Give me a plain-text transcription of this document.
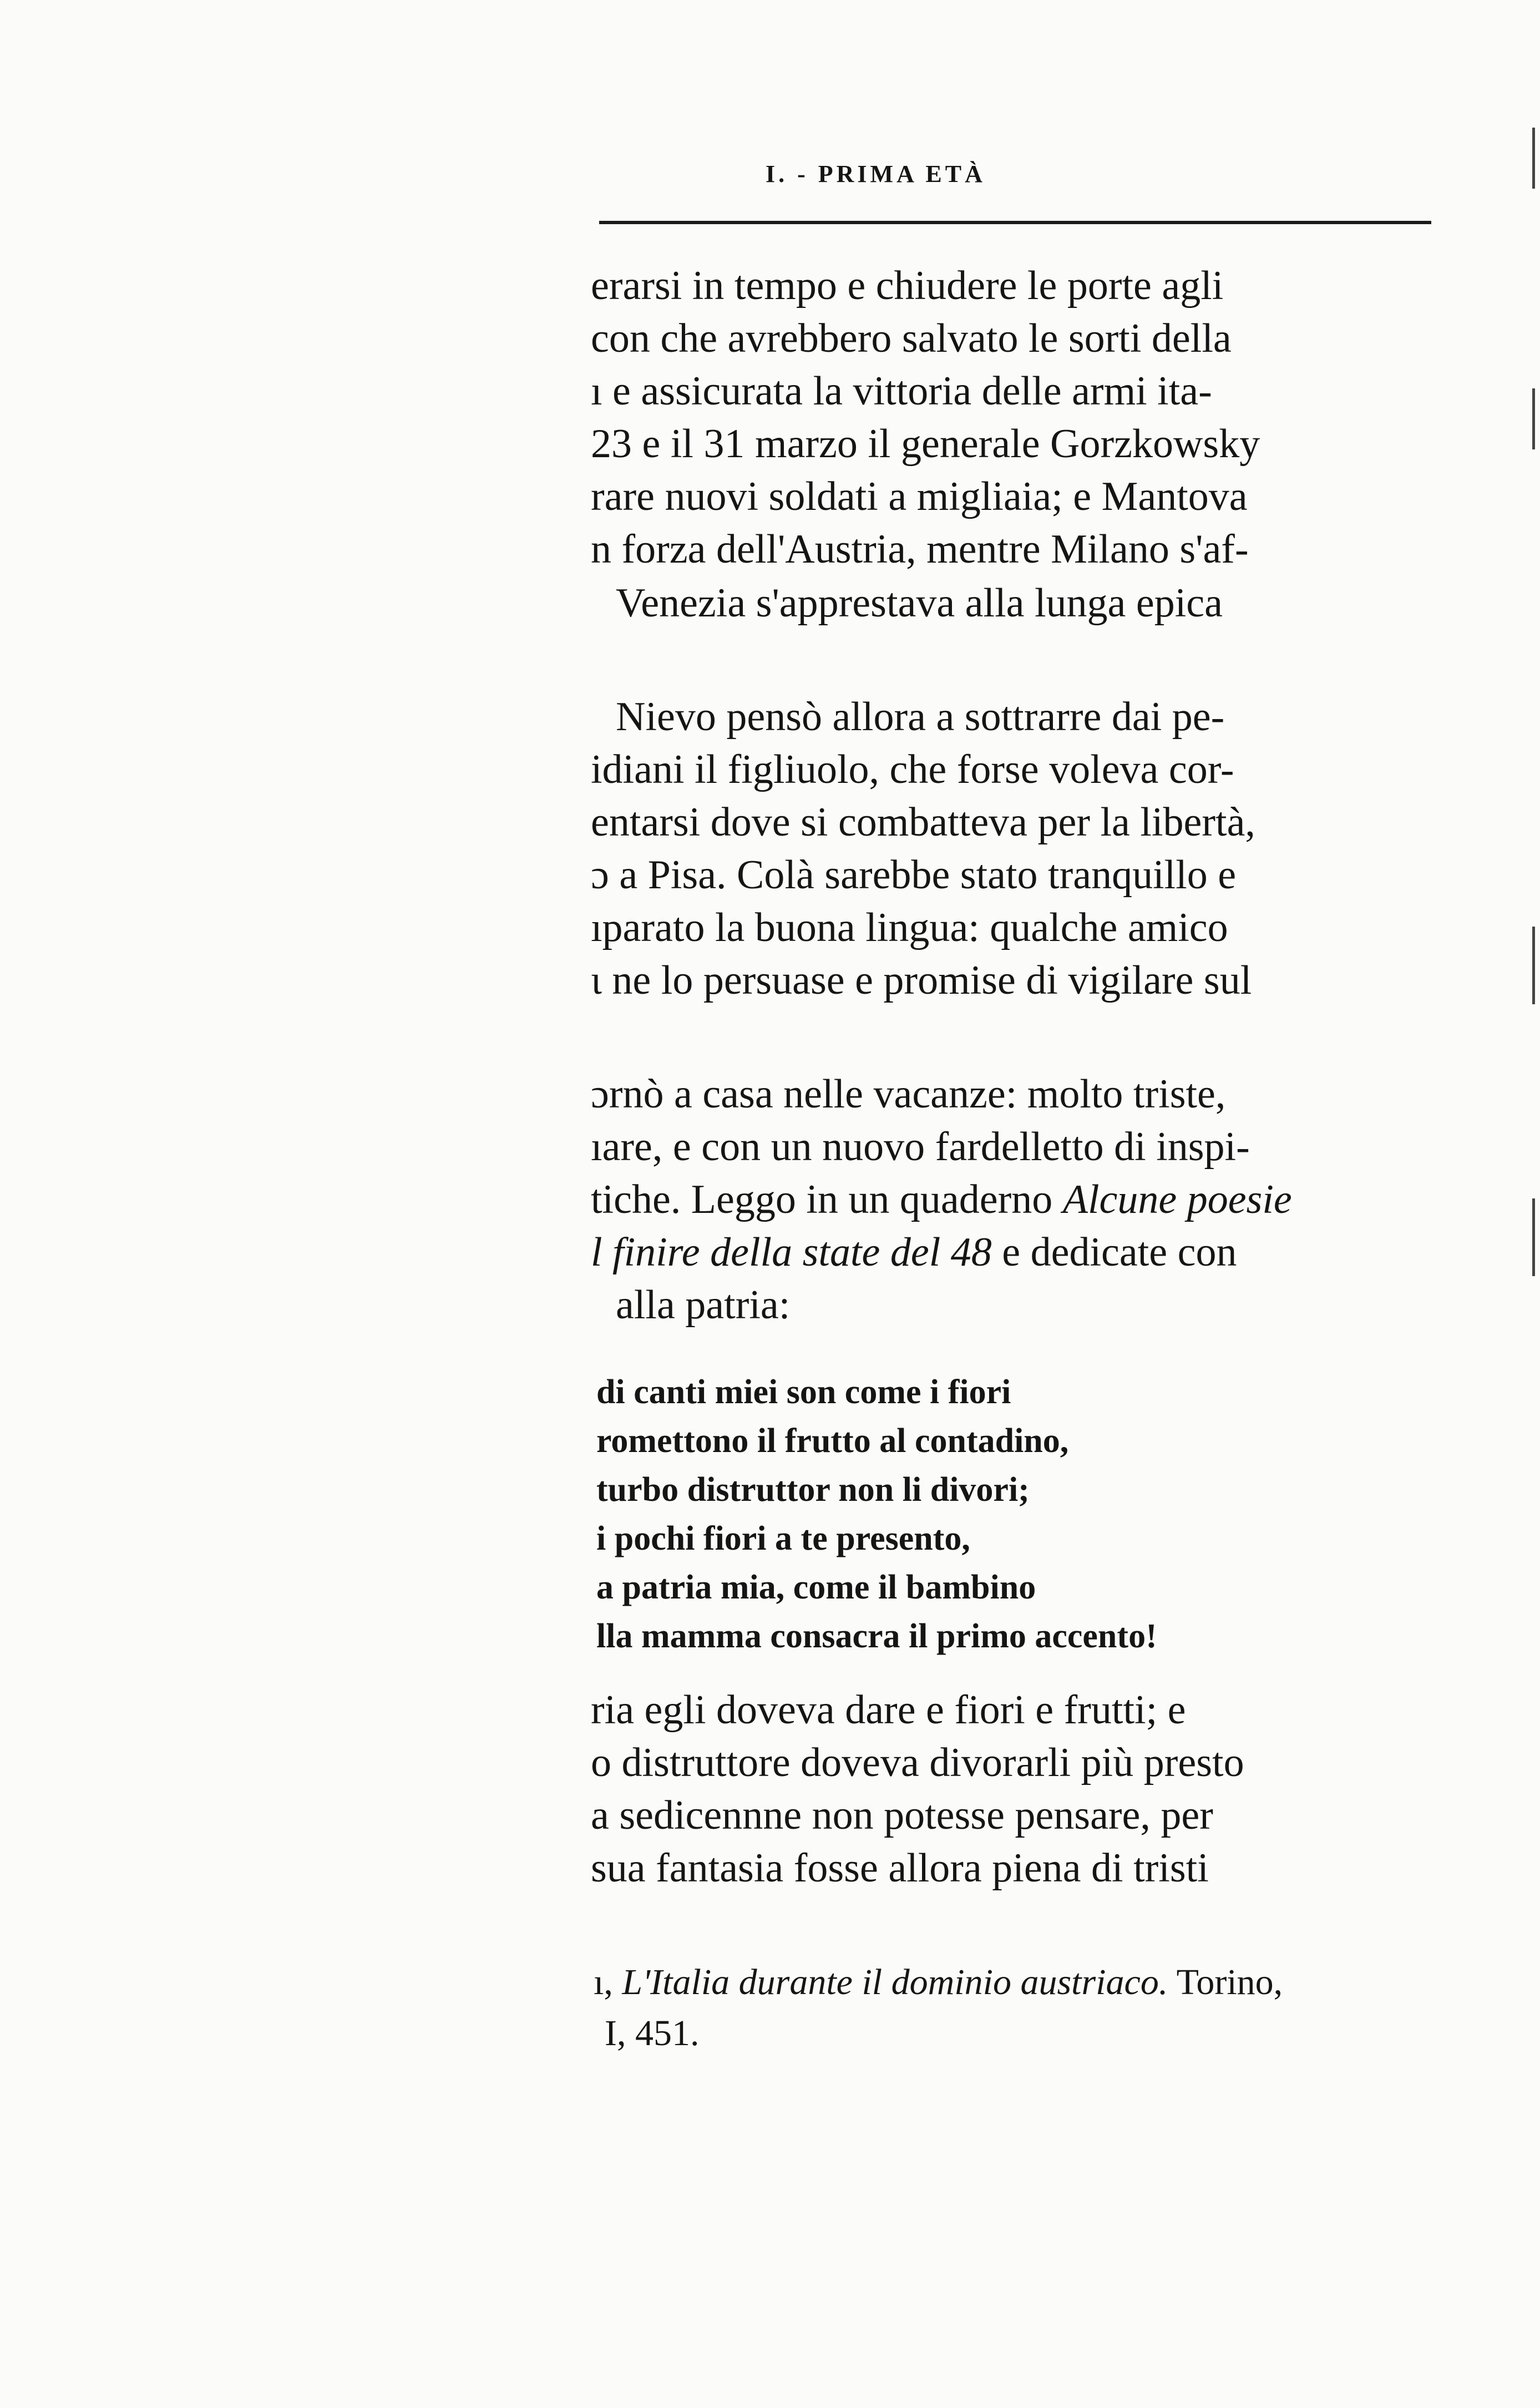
I. - PRIMA ETÀ
erarsi in tempo e chiudere le porte agli
con che avrebbero salvato le sorti della
ı e assicurata la vittoria delle armi ita-
23 e il 31 marzo il generale Gorzkowsky
rare nuovi soldati a migliaia; e Mantova
n forza dell'Austria, mentre Milano s'af-
Venezia s'apprestava alla lunga epica
Nievo pensò allora a sottrarre dai pe-
idiani il figliuolo, che forse voleva cor-
entarsi dove si combatteva per la libertà,
ɔ a Pisa. Colà sarebbe stato tranquillo e
ıparato la buona lingua: qualche amico
ι ne lo persuase e promise di vigilare sul
ɔrnò a casa nelle vacanze: molto triste,
ıare, e con un nuovo fardelletto di inspi-
tiche. Leggo in un quaderno Alcune poesie
l finire della state del 48 e dedicate con
alla patria:
di canti miei son come i fiori
romettono il frutto al contadino,
turbo distruttor non li divori;
i pochi fiori a te presento,
a patria mia, come il bambino
lla mamma consacra il primo accento!
ria egli doveva dare e fiori e frutti; e
o distruttore doveva divorarli più presto
a sedicennne non potesse pensare, per
sua fantasia fosse allora piena di tristi
ı, L'Italia durante il dominio austriaco. Torino,
I, 451.
